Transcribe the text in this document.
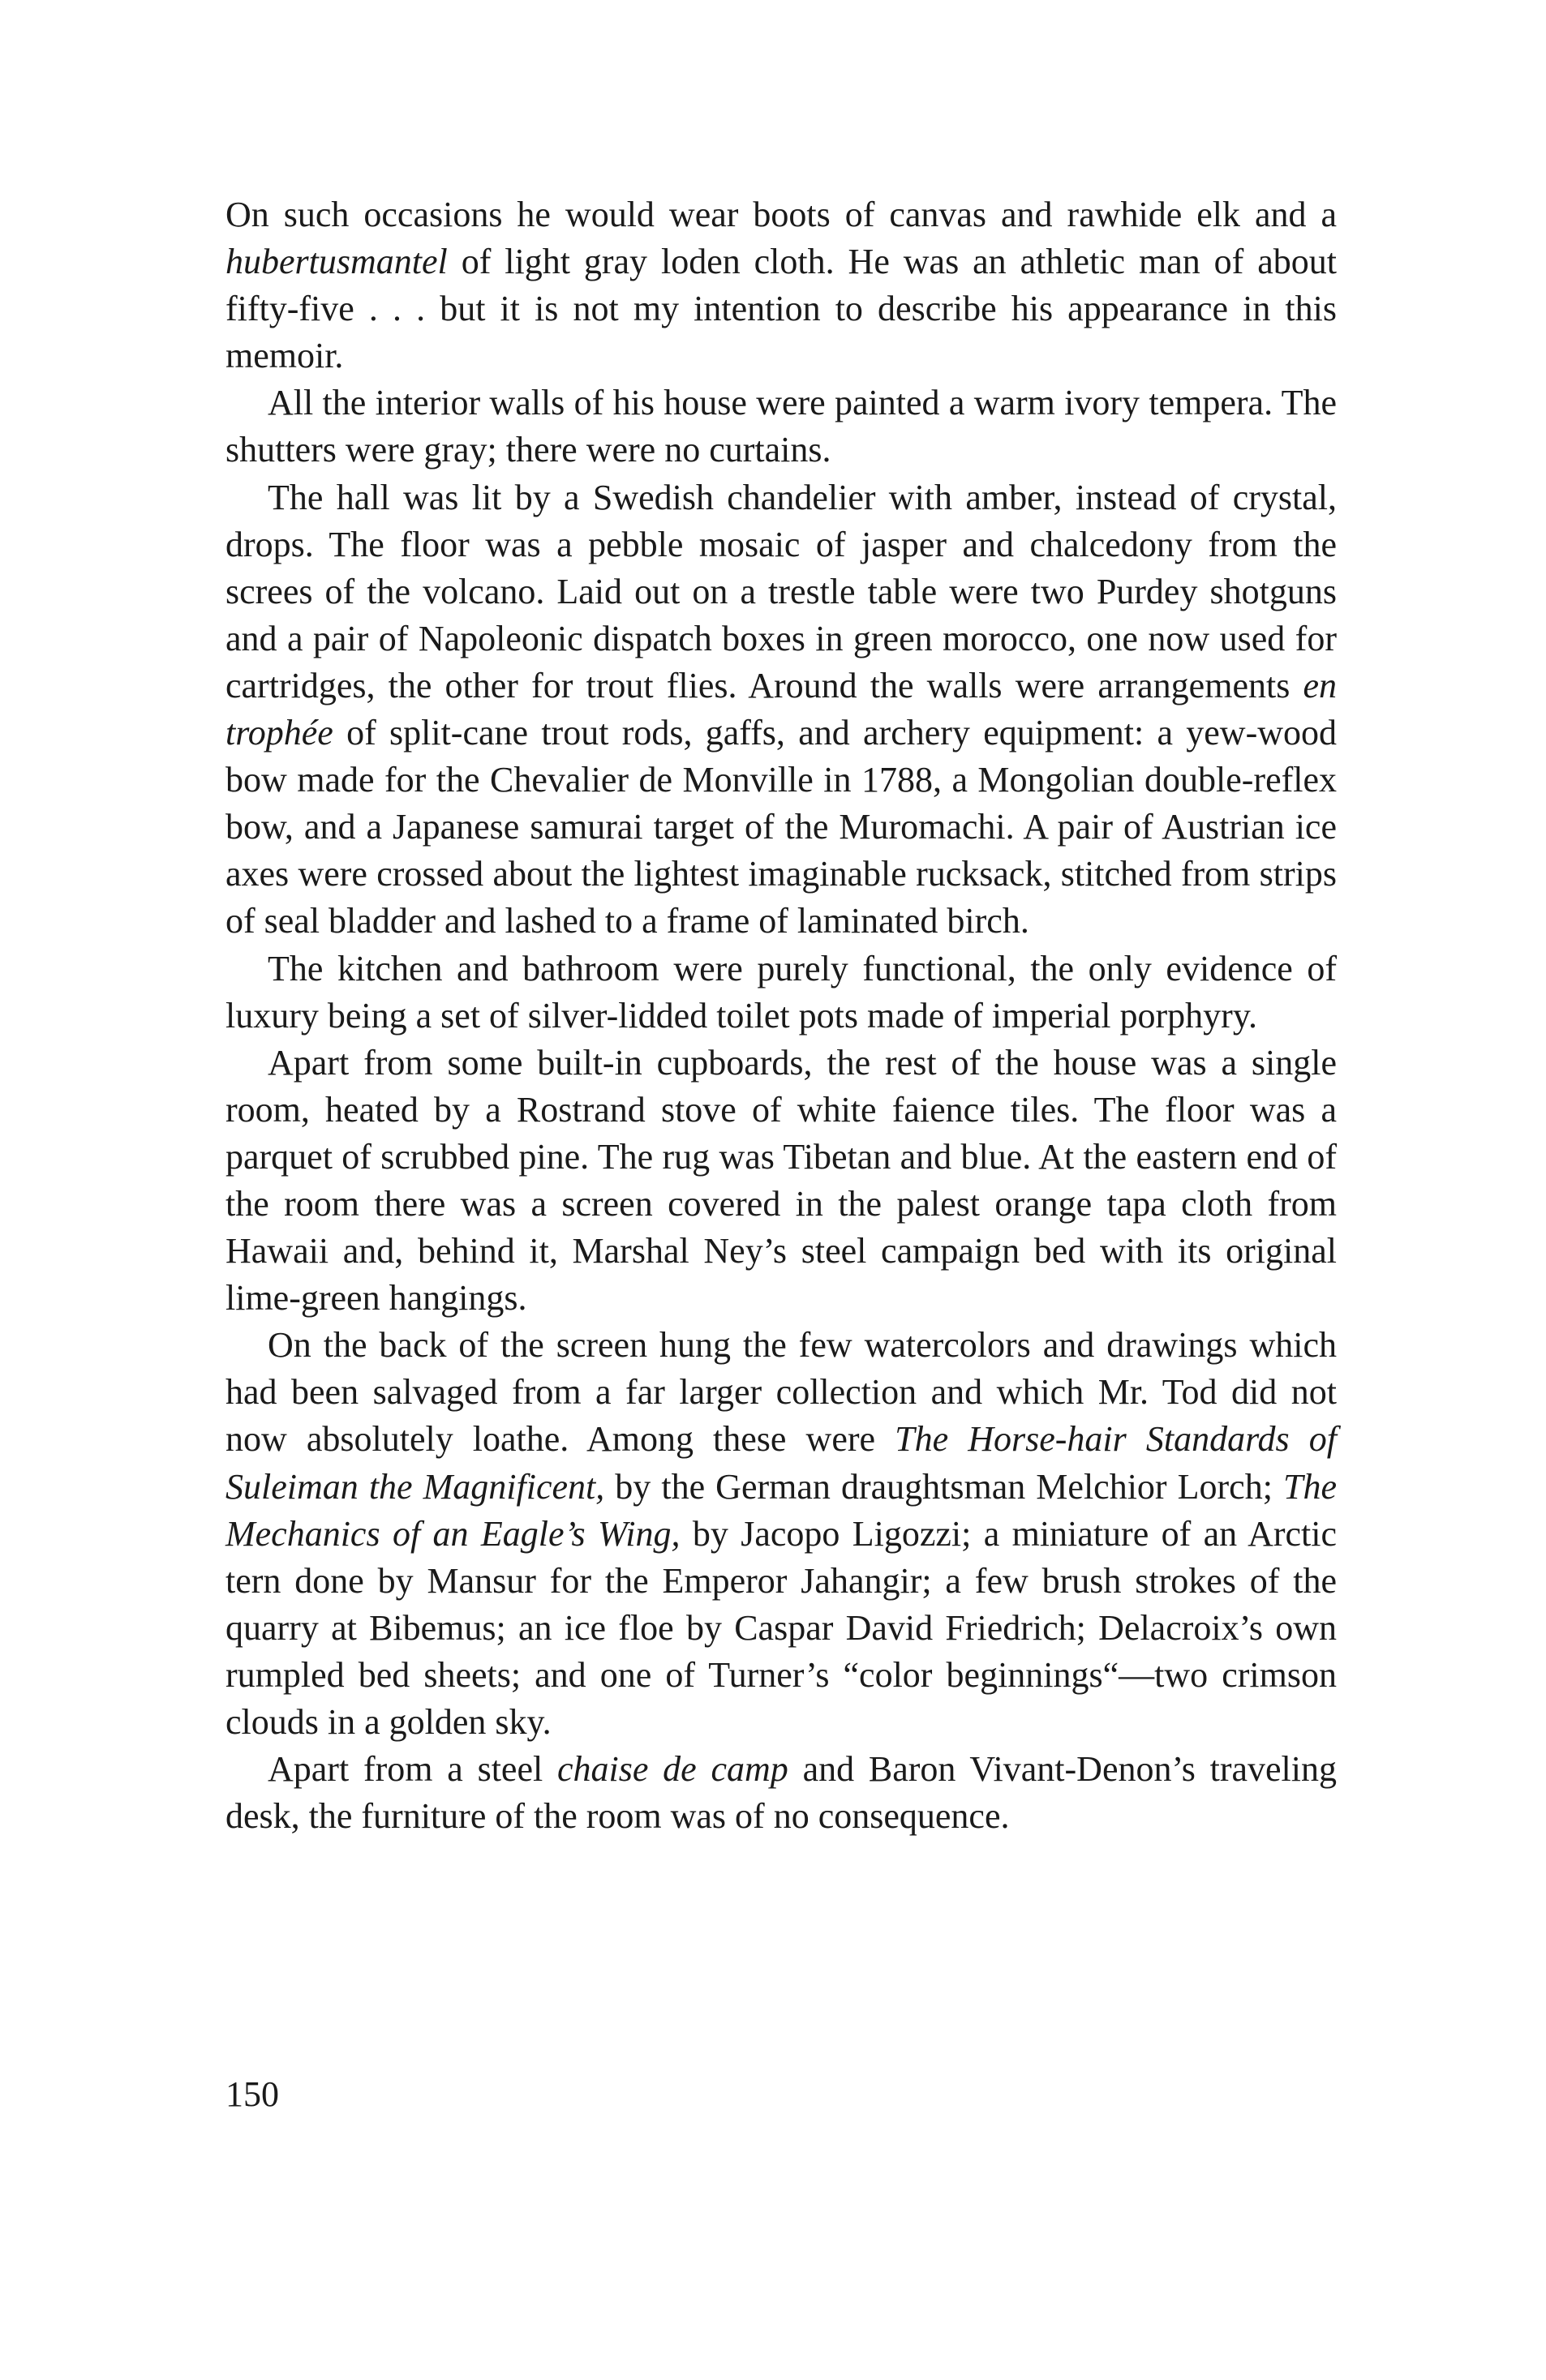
On such occasions he would wear boots of canvas and rawhide elk and a hubertusmantel of light gray loden cloth. He was an athletic man of about fifty-five . . . but it is not my intention to describe his appearance in this memoir.

All the interior walls of his house were painted a warm ivory tempera. The shutters were gray; there were no curtains.

The hall was lit by a Swedish chandelier with amber, instead of crystal, drops. The floor was a pebble mosaic of jasper and chalcedony from the screes of the volcano. Laid out on a trestle table were two Purdey shotguns and a pair of Napoleonic dispatch boxes in green morocco, one now used for cartridges, the other for trout flies. Around the walls were arrangements en trophée of split-cane trout rods, gaffs, and archery equipment: a yew-wood bow made for the Chevalier de Monville in 1788, a Mongolian double-reflex bow, and a Japanese samurai target of the Muromachi. A pair of Austrian ice axes were crossed about the lightest imaginable rucksack, stitched from strips of seal bladder and lashed to a frame of laminated birch.

The kitchen and bathroom were purely functional, the only evidence of luxury being a set of silver-lidded toilet pots made of imperial porphyry.

Apart from some built-in cupboards, the rest of the house was a single room, heated by a Rostrand stove of white faience tiles. The floor was a parquet of scrubbed pine. The rug was Tibetan and blue. At the eastern end of the room there was a screen covered in the palest orange tapa cloth from Hawaii and, behind it, Marshal Ney’s steel campaign bed with its original lime-green hangings.

On the back of the screen hung the few watercolors and drawings which had been salvaged from a far larger collection and which Mr. Tod did not now absolutely loathe. Among these were The Horse-hair Standards of Suleiman the Magnificent, by the German draughtsman Melchior Lorch; The Mechanics of an Eagle’s Wing, by Jacopo Ligozzi; a miniature of an Arctic tern done by Mansur for the Emperor Jahangir; a few brush strokes of the quarry at Bibemus; an ice floe by Caspar David Friedrich; Delacroix’s own rumpled bed sheets; and one of Turner’s “color beginnings“—two crimson clouds in a golden sky.

Apart from a steel chaise de camp and Baron Vivant-Denon’s traveling desk, the furniture of the room was of no consequence.

150
